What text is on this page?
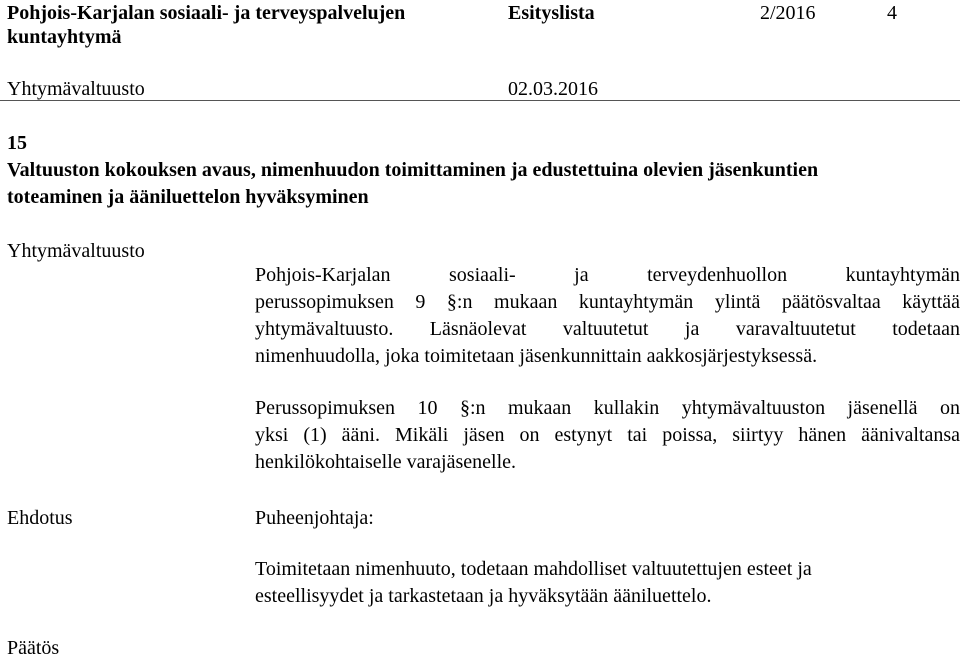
Pohjois-Karjalan sosiaali- ja terveyspalvelujen
kuntayhtymä
Esityslista	2/2016	4
Yhtymävaltuusto	02.03.2016
15
Valtuuston kokouksen avaus, nimenhuudon toimittaminen ja edustettuina olevien jäsenkuntien
toteaminen ja ääniluettelon hyväksyminen
Yhtymävaltuusto
Pohjois-Karjalan sosiaali- ja terveydenhuollon kuntayhtymän
perussopimuksen 9 §:n mukaan kuntayhtymän ylintä päätösvaltaa käyttää
yhtymävaltuusto. Läsnäolevat valtuutetut ja varavaltuutetut todetaan
nimenhuudolla, joka toimitetaan jäsenkunnittain aakkosjärjestyksessä.
Perussopimuksen 10 §:n mukaan kullakin yhtymävaltuuston jäsenellä on
yksi (1) ääni. Mikäli jäsen on estynyt tai poissa, siirtyy hänen äänivaltansa
henkilökohtaiselle varajäsenelle.
Ehdotus	Puheenjohtaja:
Toimitetaan nimenhuuto, todetaan mahdolliset valtuutettujen esteet ja
esteellisyydet ja tarkastetaan ja hyväksytään ääniluettelo.
Päätös
